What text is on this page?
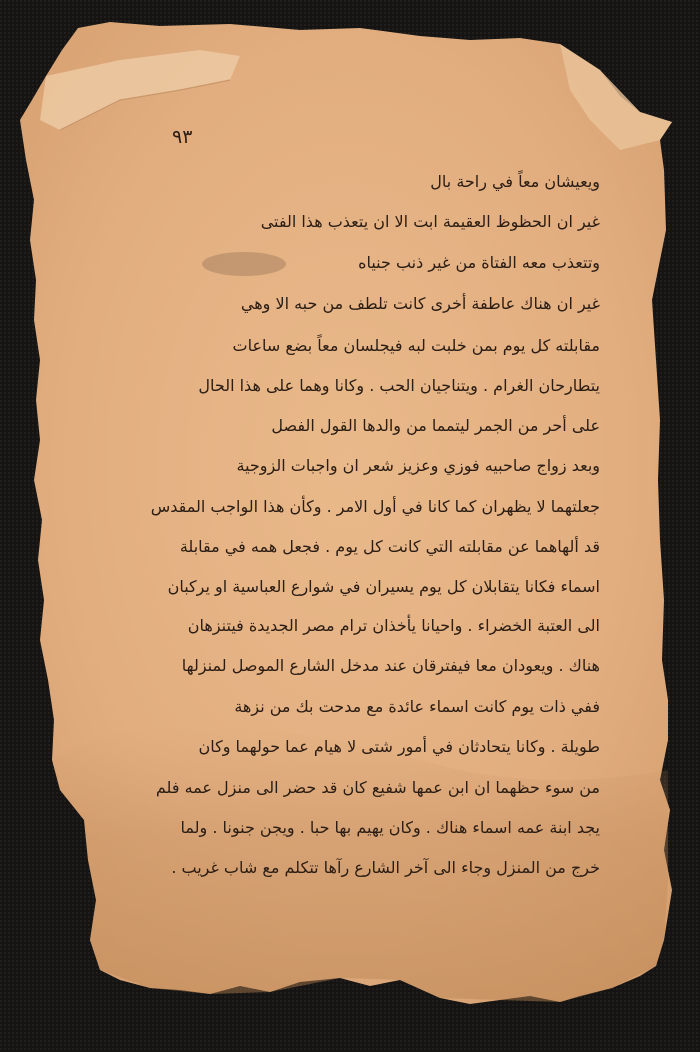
٩٣
ويعيشان معاً في راحة بال
غير ان الحظوظ العقيمة ابت الا ان يتعذب هذا الفتى
وتتعذب معه الفتاة من غير ذنب جنياه
غير ان هناك عاطفة أخرى كانت تلطف من حبه الا وهي
مقابلته كل يوم بمن خلبت لبه فيجلسان معاً بضع ساعات
يتطارحان الغرام . ويتناجيان الحب . وكانا وهما على هذا الحال
على أحر من الجمر ليتمما من والدها القول الفصل
وبعد زواج صاحبيه فوزي وعزيز شعر ان واجبات الزوجية
جعلتهما لا يظهران كما كانا في أول الامر . وكأن هذا الواجب المقدس
قد ألهاهما عن مقابلته التي كانت كل يوم . فجعل همه في مقابلة
اسماء فكانا يتقابلان كل يوم يسيران في شوارع العباسية او يركبان
الى العتبة الخضراء . واحيانا يأخذان ترام مصر الجديدة فيتنزهان
هناك . ويعودان معا فيفترقان عند مدخل الشارع الموصل لمنزلها
ففي ذات يوم كانت اسماء عائدة مع مدحت بك من نزهة
طويلة . وكانا يتحادثان في أمور شتى لا هيام عما حولهما وكان
من سوء حظهما ان ابن عمها شفيع كان قد حضر الى منزل عمه فلم
يجد ابنة عمه اسماء هناك . وكان يهيم بها حبا . ويجن جنونا . ولما
خرج من المنزل وجاء الى آخر الشارع رآها تتكلم مع شاب غريب .
